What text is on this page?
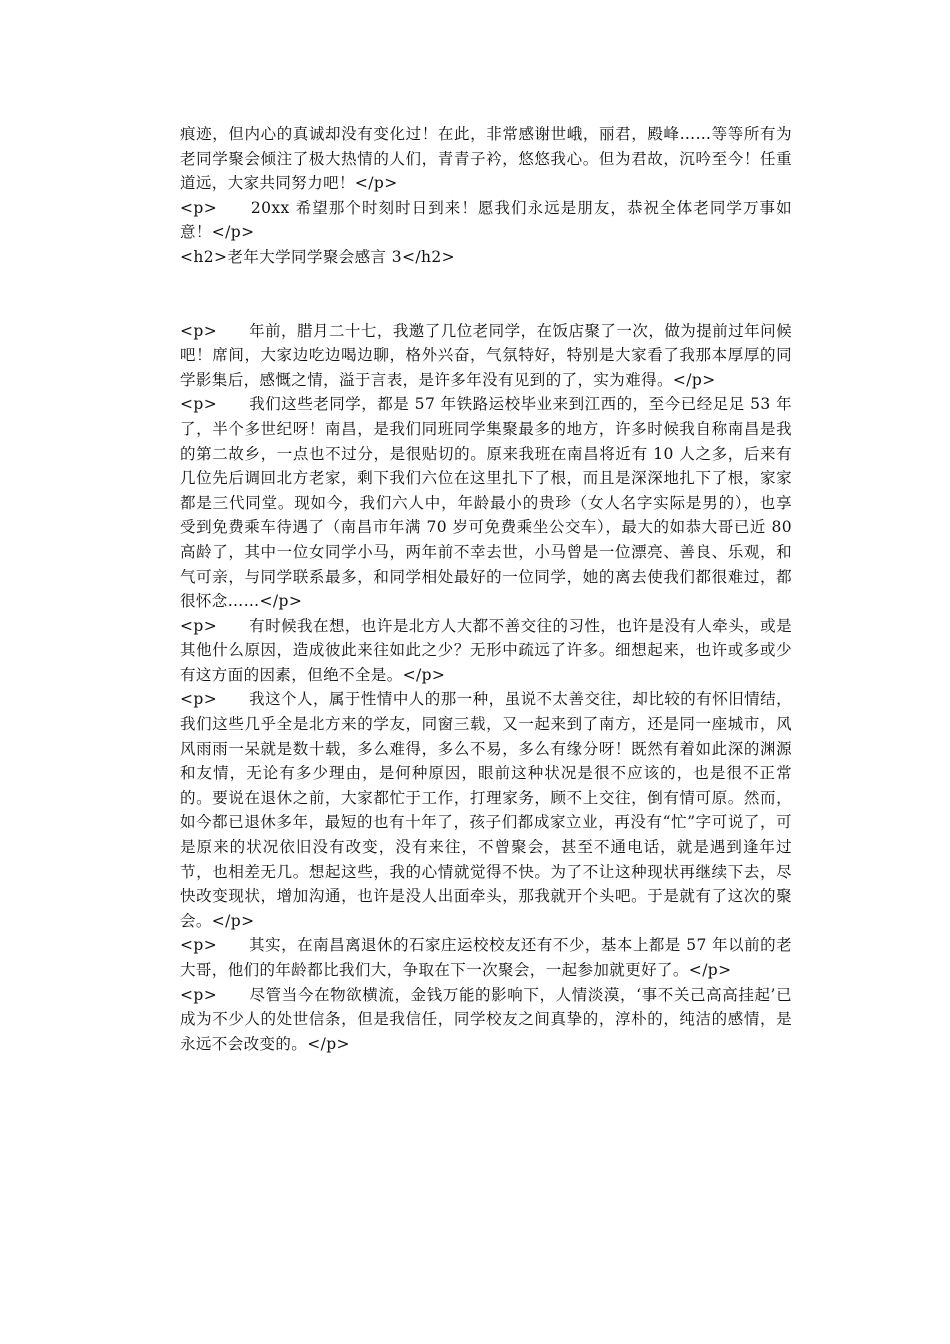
痕迹，但内心的真诚却没有变化过！在此，非常感谢世峨，丽君，殿峰……等等所有为老同学聚会倾注了极大热情的人们，青青子衿，悠悠我心。但为君故，沉吟至今！任重道远，大家共同努力吧！</p>
<p>　　20xx 希望那个时刻时日到来！愿我们永远是朋友，恭祝全体老同学万事如意！</p>
<h2>老年大学同学聚会感言 3</h2>
<p>　　年前，腊月二十七，我邀了几位老同学，在饭店聚了一次，做为提前过年问候吧！席间，大家边吃边喝边聊，格外兴奋，气氛特好，特别是大家看了我那本厚厚的同学影集后，感慨之情，溢于言表，是许多年没有见到的了，实为难得。</p>
<p>　　我们这些老同学，都是 57 年铁路运校毕业来到江西的，至今已经足足 53 年了，半个多世纪呀！南昌，是我们同班同学集聚最多的地方，许多时候我自称南昌是我的第二故乡，一点也不过分，是很贴切的。原来我班在南昌将近有 10 人之多，后来有几位先后调回北方老家，剩下我们六位在这里扎下了根，而且是深深地扎下了根，家家都是三代同堂。现如今，我们六人中，年龄最小的贵珍（女人名字实际是男的），也享受到免费乘车待遇了（南昌市年满 70 岁可免费乘坐公交车），最大的如恭大哥已近 80 高龄了，其中一位女同学小马，两年前不幸去世，小马曾是一位漂亮、善良、乐观，和气可亲，与同学联系最多，和同学相处最好的一位同学，她的离去使我们都很难过，都很怀念……</p>
<p>　　有时候我在想，也许是北方人大都不善交往的习性，也许是没有人牵头，或是其他什么原因，造成彼此来往如此之少？无形中疏远了许多。细想起来，也许或多或少有这方面的因素，但绝不全是。</p>
<p>　　我这个人，属于性情中人的那一种，虽说不太善交往，却比较的有怀旧情结，我们这些几乎全是北方来的学友，同窗三载，又一起来到了南方，还是同一座城市，风风雨雨一呆就是数十载，多么难得，多么不易，多么有缘分呀！既然有着如此深的渊源和友情，无论有多少理由，是何种原因，眼前这种状况是很不应该的，也是很不正常的。要说在退休之前，大家都忙于工作，打理家务，顾不上交往，倒有情可原。然而，如今都已退休多年，最短的也有十年了，孩子们都成家立业，再没有“忙”字可说了，可是原来的状况依旧没有改变，没有来往，不曾聚会，甚至不通电话，就是遇到逢年过节，也相差无几。想起这些，我的心情就觉得不快。为了不让这种现状再继续下去，尽快改变现状，增加沟通，也许是没人出面牵头，那我就开个头吧。于是就有了这次的聚会。</p>
<p>　　其实，在南昌离退休的石家庄运校校友还有不少，基本上都是 57 年以前的老大哥，他们的年龄都比我们大，争取在下一次聚会，一起参加就更好了。</p>
<p>　　尽管当今在物欲横流，金钱万能的影响下，人情淡漠，‘事不关己高高挂起’已成为不少人的处世信条，但是我信任，同学校友之间真挚的，淳朴的，纯洁的感情，是永远不会改变的。</p>
